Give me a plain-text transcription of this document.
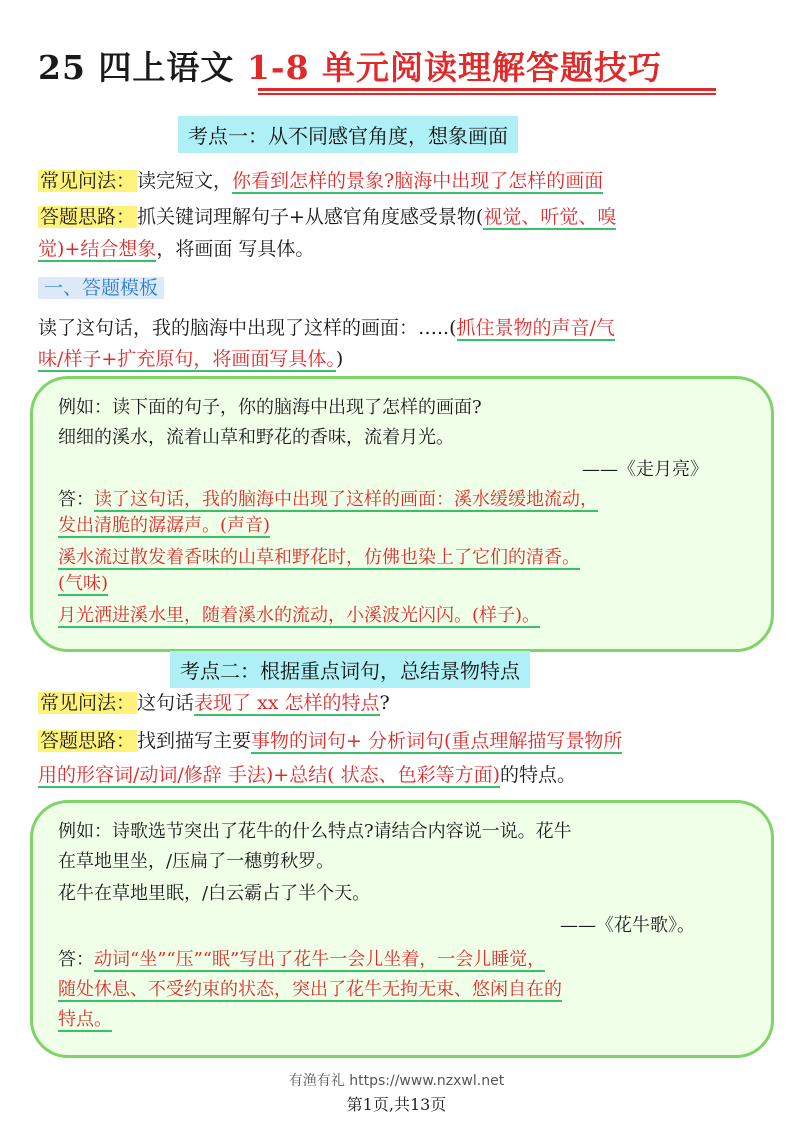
25 四上语文 1-8 单元阅读理解答题技巧
考点一：从不同感官角度，想象画面
常见问法： 读完短文，你看到怎样的景象?脑海中出现了怎样的画面
答题思路： 抓关键词理解句子+从感官角度感受景物(视觉、听觉、嗅
觉)+结合想象，将画面 写具体。
一、答题模板
读了这句话，我的脑海中出现了这样的画面：…..(抓住景物的声音/气
味/样子+扩充原句，将画面写具体。)
例如：读下面的句子，你的脑海中出现了怎样的画面?
细细的溪水，流着山草和野花的香味，流着月光。
——《走月亮》
答：读了这句话，我的脑海中出现了这样的画面：溪水缓缓地流动，
发出清脆的潺潺声。(声音)
溪水流过散发着香味的山草和野花时，仿佛也染上了它们的清香。
(气味)
月光洒进溪水里，随着溪水的流动，小溪波光闪闪。(样子)。
考点二：根据重点词句，总结景物特点
常见问法： 这句话表现了 xx 怎样的特点?
答题思路： 找到描写主要事物的词句+ 分析词句(重点理解描写景物所
用的形容词/动词/修辞 手法)+总结( 状态、色彩等方面)的特点。
例如：诗歌选节突出了花牛的什么特点?请结合内容说一说。花牛
在草地里坐，/压扁了一穗剪秋罗。
花牛在草地里眠，/白云霸占了半个天。
——《花牛歌》。
答：动词“坐”“压”“眠”写出了花牛一会儿坐着，一会儿睡觉，
随处休息、不受约束的状态，突出了花牛无拘无束、悠闲自在的
特点。
有渔有礼 https://www.nzxwl.net
第1页,共13页
